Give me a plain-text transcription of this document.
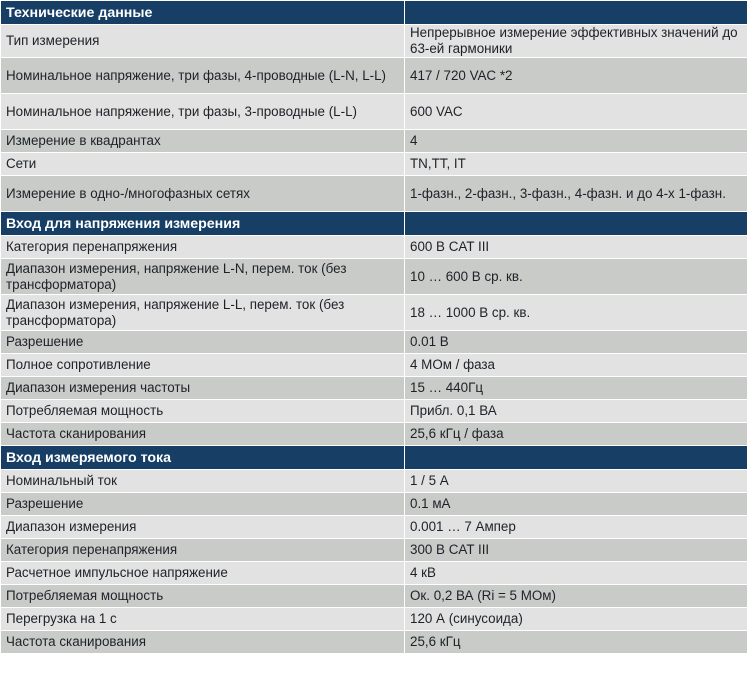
Технические данные	
Тип измерения	Непрерывное измерение эффективных значений до 63-ей гармоники
Номинальное напряжение, три фазы, 4-проводные (L-N, L-L)	417 / 720 VAC *2
Номинальное напряжение, три фазы, 3-проводные (L-L)	600 VAC
Измерение в квадрантах	4
Сети	TN,TT, IT
Измерение в одно-/многофазных сетях	1-фазн., 2-фазн., 3-фазн., 4-фазн. и до 4-х 1-фазн.
Вход для напряжения измерения	
Категория перенапряжения	600 В CAT III
Диапазон измерения, напряжение L-N, перем. ток (без трансформатора)	10 … 600 В ср. кв.
Диапазон измерения, напряжение L-L, перем. ток (без трансформатора)	18 … 1000 В ср. кв.
Разрешение	0.01 В
Полное сопротивление	4 МОм / фаза
Диапазон измерения частоты	15 … 440Гц
Потребляемая мощность	Прибл. 0,1 ВА
Частота сканирования	25,6 кГц / фаза
Вход измеряемого тока	
Номинальный ток	1 / 5 А
Разрешение	0.1 мА
Диапазон измерения	0.001 … 7 Ампер
Категория перенапряжения	300 В CAT III
Расчетное импульсное напряжение	4 кВ
Потребляемая мощность	Ок. 0,2 ВА (Ri = 5 МОм)
Перегрузка на 1 с	120 А (синусоида)
Частота сканирования	25,6 кГц
